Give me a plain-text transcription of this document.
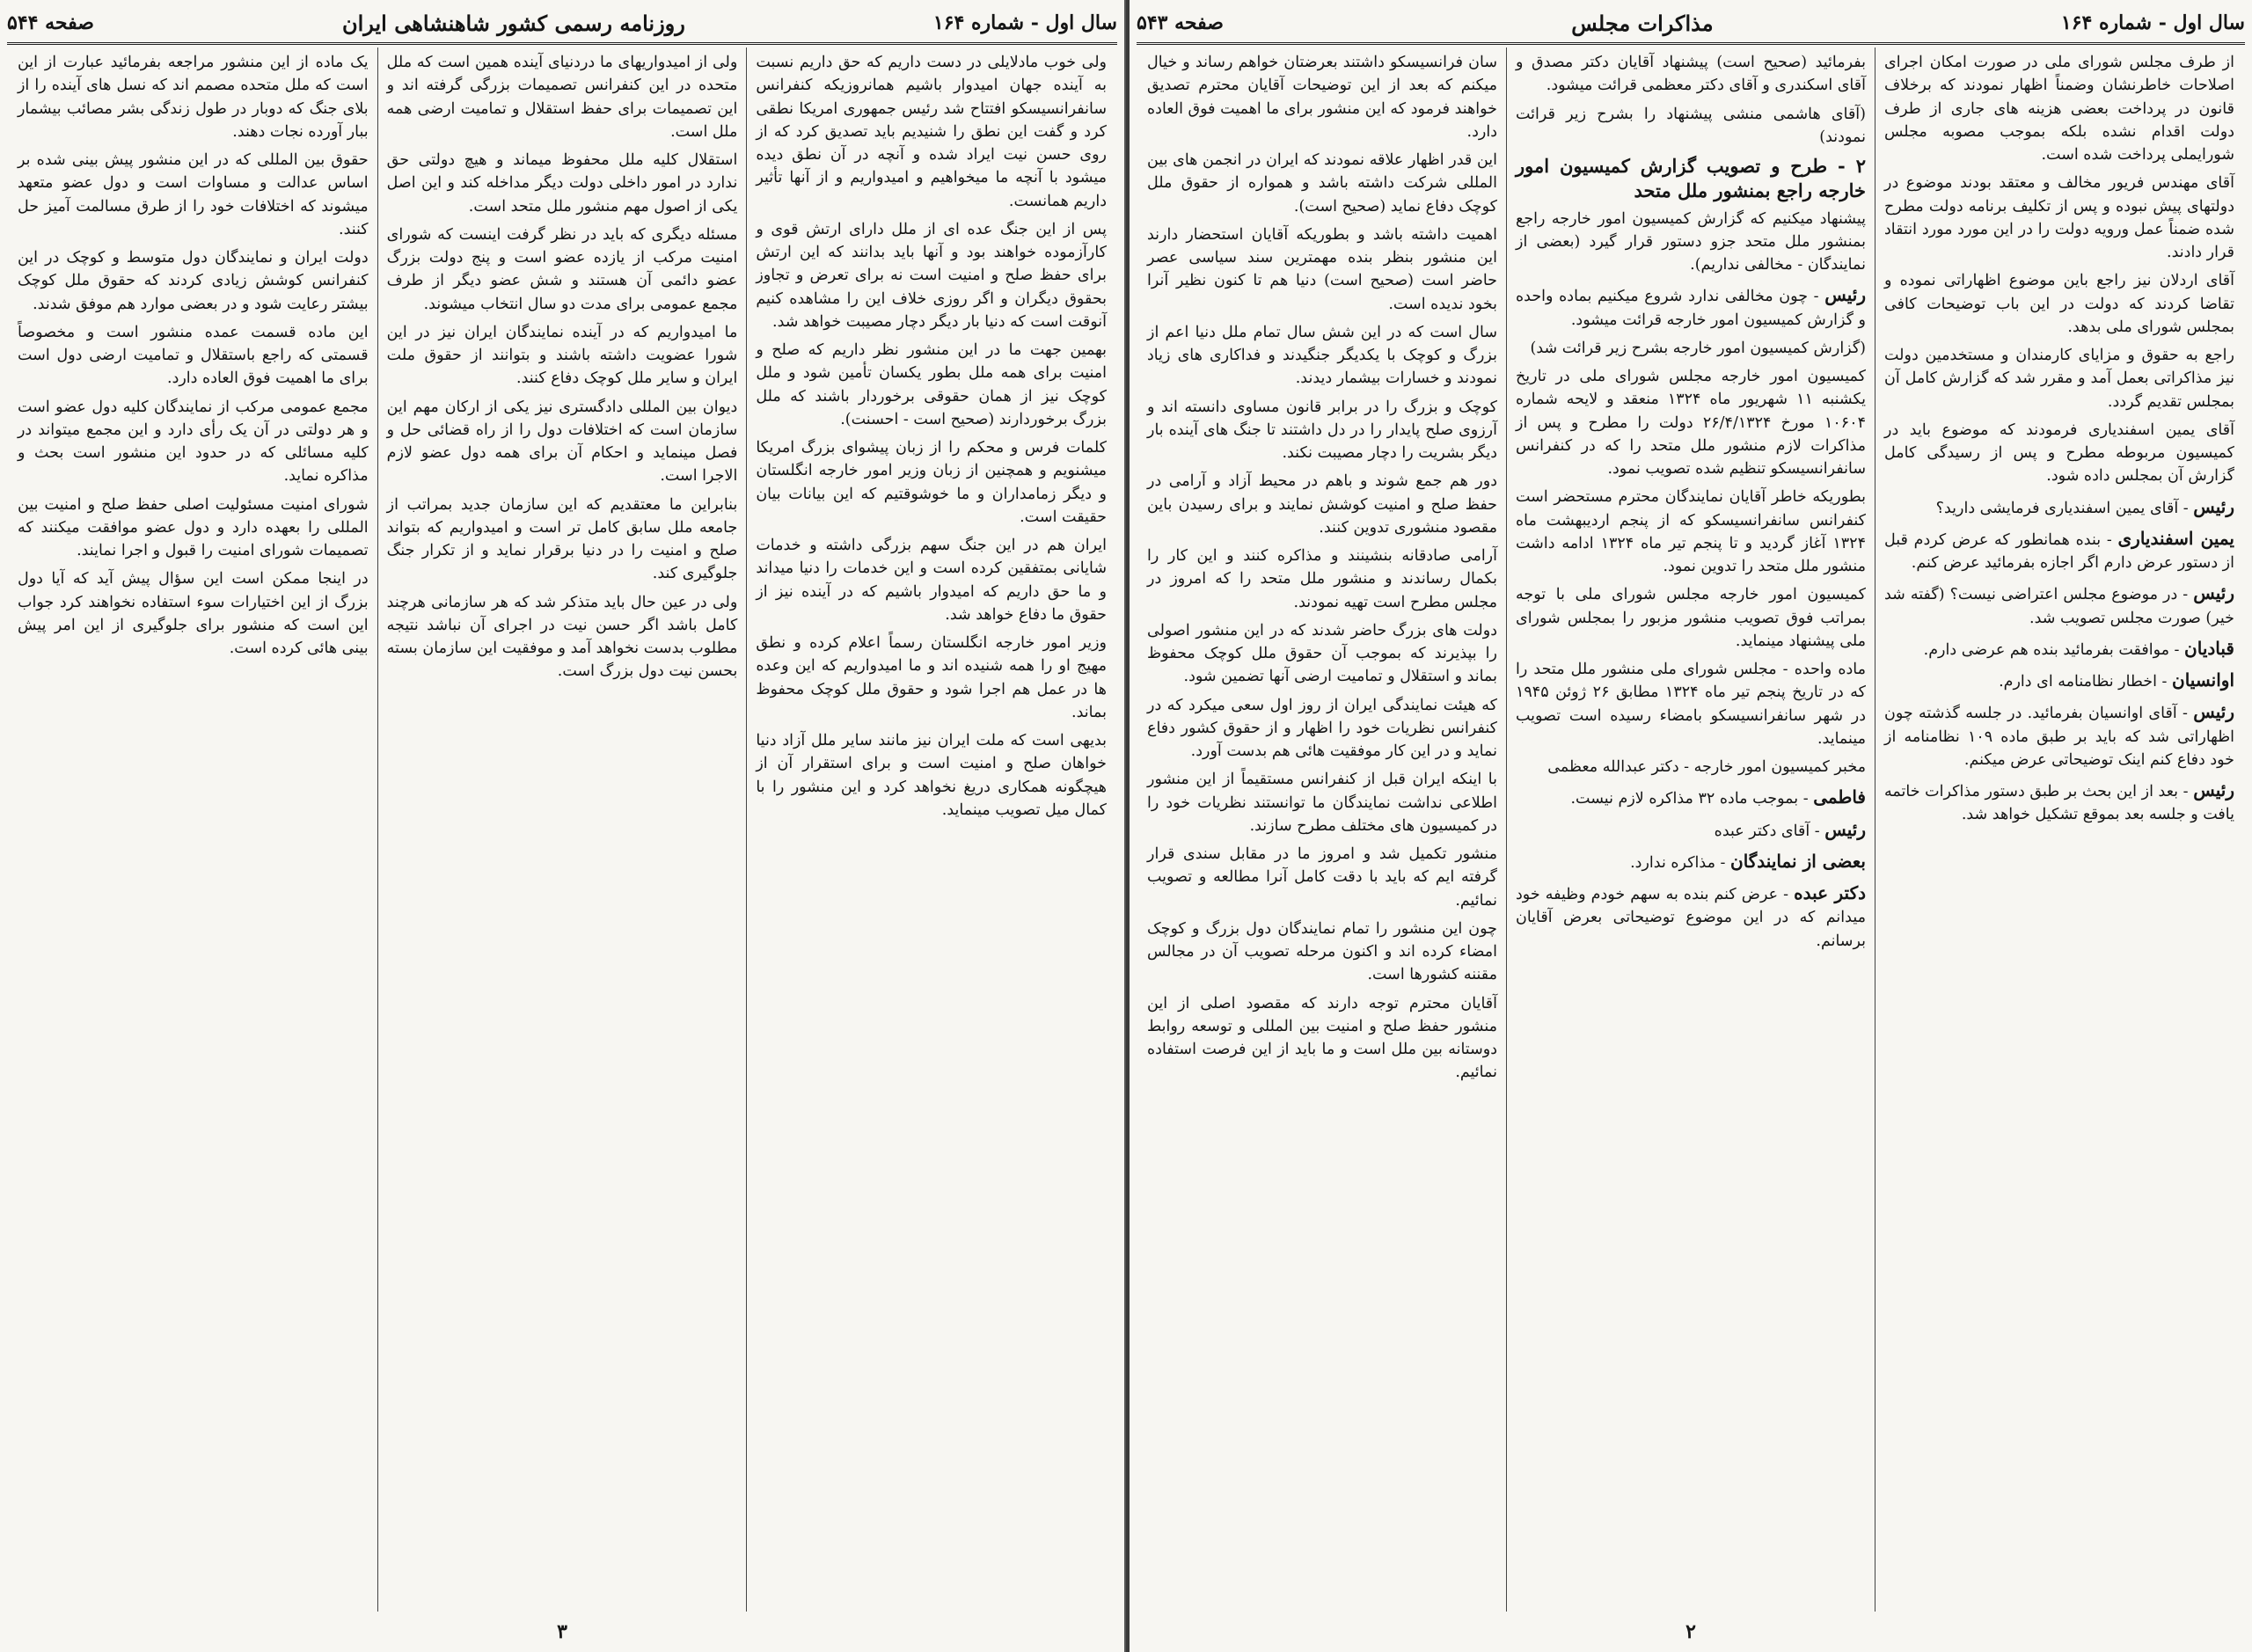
سال اول - شماره ۱۶۴
روزنامه رسمی کشور شاهنشاهی ایران
صفحه ۵۴۴

ولی خوب مادلایلی در دست داریم که حق داریم نسبت به آینده جهان امیدوار باشیم همانروزیکه کنفرانس سانفرانسیسکو افتتاح شد رئیس جمهوری امریکا نطقی کرد و گفت این نطق را شنیدیم باید تصدیق کرد که از روی حسن نیت ایراد شده و آنچه در آن نطق دیده میشود با آنچه ما میخواهیم و امیدواریم و از آنها تأثیر داریم همانست.

پس از این جنگ عده ای از ملل دارای ارتش قوی و کارآزموده خواهند بود و آنها باید بدانند که این ارتش برای حفظ صلح و امنیت است نه برای تعرض و تجاوز بحقوق دیگران و اگر روزی خلاف این را مشاهده کنیم آنوقت است که دنیا بار دیگر دچار مصیبت خواهد شد.

بهمین جهت ما در این منشور نظر داریم که صلح و امنیت برای همه ملل بطور یکسان تأمین شود و ملل کوچک نیز از همان حقوقی برخوردار باشند که ملل بزرگ برخوردارند (صحیح است - احسنت).

کلمات فرس و محکم را از زبان پیشوای بزرگ امریکا میشنویم و همچنین از زبان وزیر امور خارجه انگلستان و دیگر زمامداران و ما خوشوقتیم که این بیانات بیان حقیقت است.

ایران هم در این جنگ سهم بزرگی داشته و خدمات شایانی بمتفقین کرده است و این خدمات را دنیا میداند و ما حق داریم که امیدوار باشیم که در آینده نیز از حقوق ما دفاع خواهد شد.

وزیر امور خارجه انگلستان رسماً اعلام کرده و نطق مهیج او را همه شنیده اند و ما امیدواریم که این وعده ها در عمل هم اجرا شود و حقوق ملل کوچک محفوظ بماند.

بدیهی است که ملت ایران نیز مانند سایر ملل آزاد دنیا خواهان صلح و امنیت است و برای استقرار آن از هیچگونه همکاری دریغ نخواهد کرد و این منشور را با کمال میل تصویب مینماید.

ولی از امیدواریهای ما دردنیای آینده همین است که ملل متحده در این کنفرانس تصمیمات بزرگی گرفته اند و این تصمیمات برای حفظ استقلال و تمامیت ارضی همه ملل است.

استقلال کلیه ملل محفوظ میماند و هیچ دولتی حق ندارد در امور داخلی دولت دیگر مداخله کند و این اصل یکی از اصول مهم منشور ملل متحد است.

مسئله دیگری که باید در نظر گرفت اینست که شورای امنیت مرکب از یازده عضو است و پنج دولت بزرگ عضو دائمی آن هستند و شش عضو دیگر از طرف مجمع عمومی برای مدت دو سال انتخاب میشوند.

ما امیدواریم که در آینده نمایندگان ایران نیز در این شورا عضویت داشته باشند و بتوانند از حقوق ملت ایران و سایر ملل کوچک دفاع کنند.

دیوان بین المللی دادگستری نیز یکی از ارکان مهم این سازمان است که اختلافات دول را از راه قضائی حل و فصل مینماید و احکام آن برای همه دول عضو لازم الاجرا است.

بنابراین ما معتقدیم که این سازمان جدید بمراتب از جامعه ملل سابق کامل تر است و امیدواریم که بتواند صلح و امنیت را در دنیا برقرار نماید و از تکرار جنگ جلوگیری کند.

ولی در عین حال باید متذکر شد که هر سازمانی هرچند کامل باشد اگر حسن نیت در اجرای آن نباشد نتیجه مطلوب بدست نخواهد آمد و موفقیت این سازمان بسته بحسن نیت دول بزرگ است.

یک ماده از این منشور مراجعه بفرمائید عبارت از این است که ملل متحده مصمم اند که نسل های آینده را از بلای جنگ که دوبار در طول زندگی بشر مصائب بیشمار ببار آورده نجات دهند.

حقوق بین المللی که در این منشور پیش بینی شده بر اساس عدالت و مساوات است و دول عضو متعهد میشوند که اختلافات خود را از طرق مسالمت آمیز حل کنند.

دولت ایران و نمایندگان دول متوسط و کوچک در این کنفرانس کوشش زیادی کردند که حقوق ملل کوچک بیشتر رعایت شود و در بعضی موارد هم موفق شدند.

این ماده قسمت عمده منشور است و مخصوصاً قسمتی که راجع باستقلال و تمامیت ارضی دول است برای ما اهمیت فوق العاده دارد.

مجمع عمومی مرکب از نمایندگان کلیه دول عضو است و هر دولتی در آن یک رأی دارد و این مجمع میتواند در کلیه مسائلی که در حدود این منشور است بحث و مذاکره نماید.

شورای امنیت مسئولیت اصلی حفظ صلح و امنیت بین المللی را بعهده دارد و دول عضو موافقت میکنند که تصمیمات شورای امنیت را قبول و اجرا نمایند.

در اینجا ممکن است این سؤال پیش آید که آیا دول بزرگ از این اختیارات سوء استفاده نخواهند کرد جواب این است که منشور برای جلوگیری از این امر پیش بینی هائی کرده است.

۳
سال اول - شماره ۱۶۴
مذاکرات مجلس
صفحه ۵۴۳

از طرف مجلس شورای ملی در صورت امکان اجرای اصلاحات خاطرنشان وضمناً اظهار نمودند که برخلاف قانون در پرداخت بعضی هزینه های جاری از طرف دولت اقدام نشده بلکه بموجب مصوبه مجلس شورایملی پرداخت شده است.

آقای مهندس فریور مخالف و معتقد بودند موضوع در دولتهای پیش نبوده و پس از تکلیف برنامه دولت مطرح شده ضمناً عمل ورویه دولت را در این مورد مورد انتقاد قرار دادند.

آقای اردلان نیز راجع باین موضوع اظهاراتی نموده و تقاضا کردند که دولت در این باب توضیحات کافی بمجلس شورای ملی بدهد.

راجع به حقوق و مزایای کارمندان و مستخدمین دولت نیز مذاکراتی بعمل آمد و مقرر شد که گزارش کامل آن بمجلس تقدیم گردد.

آقای یمین اسفندیاری فرمودند که موضوع باید در کمیسیون مربوطه مطرح و پس از رسیدگی کامل گزارش آن بمجلس داده شود.

رئیس - آقای یمین اسفندیاری فرمایشی دارید؟

یمین اسفندیاری - بنده همانطور که عرض کردم قبل از دستور عرض دارم اگر اجازه بفرمائید عرض کنم.

رئیس - در موضوع مجلس اعتراضی نیست؟ (گفته شد خیر) صورت مجلس تصویب شد.

قبادیان - موافقت بفرمائید بنده هم عرضی دارم.

اوانسیان - اخطار نظامنامه ای دارم.

رئیس - آقای اوانسیان بفرمائید. در جلسه گذشته چون اظهاراتی شد که باید بر طبق ماده ۱۰۹ نظامنامه از خود دفاع کنم اینک توضیحاتی عرض میکنم.

رئیس - بعد از این بحث بر طبق دستور مذاکرات خاتمه یافت و جلسه بعد بموقع تشکیل خواهد شد.

بفرمائید (صحیح است) پیشنهاد آقایان دکتر مصدق و آقای اسکندری و آقای دکتر معظمی قرائت میشود.

(آقای هاشمی منشی پیشنهاد را بشرح زیر قرائت نمودند)

۲ - طرح و تصویب گزارش کمیسیون امور خارجه راجع بمنشور ملل متحد

پیشنهاد میکنیم که گزارش کمیسیون امور خارجه راجع بمنشور ملل متحد جزو دستور قرار گیرد (بعضی از نمایندگان - مخالفی نداریم).

رئیس - چون مخالفی ندارد شروع میکنیم بماده واحده و گزارش کمیسیون امور خارجه قرائت میشود.

(گزارش کمیسیون امور خارجه بشرح زیر قرائت شد)

کمیسیون امور خارجه مجلس شورای ملی در تاریخ یکشنبه ۱۱ شهریور ماه ۱۳۲۴ منعقد و لایحه شماره ۱۰۶۰۴ مورخ ۲۶/۴/۱۳۲۴ دولت را مطرح و پس از مذاکرات لازم منشور ملل متحد را که در کنفرانس سانفرانسیسکو تنظیم شده تصویب نمود.

بطوریکه خاطر آقایان نمایندگان محترم مستحضر است کنفرانس سانفرانسیسکو که از پنجم اردیبهشت ماه ۱۳۲۴ آغاز گردید و تا پنجم تیر ماه ۱۳۲۴ ادامه داشت منشور ملل متحد را تدوین نمود.

کمیسیون امور خارجه مجلس شورای ملی با توجه بمراتب فوق تصویب منشور مزبور را بمجلس شورای ملی پیشنهاد مینماید.

ماده واحده - مجلس شورای ملی منشور ملل متحد را که در تاریخ پنجم تیر ماه ۱۳۲۴ مطابق ۲۶ ژوئن ۱۹۴۵ در شهر سانفرانسیسکو بامضاء رسیده است تصویب مینماید.

مخبر کمیسیون امور خارجه - دکتر عبدالله معظمی

فاطمی - بموجب ماده ۳۲ مذاکره لازم نیست.

رئیس - آقای دکتر عبده

بعضی از نمایندگان - مذاکره ندارد.

دکتر عبده - عرض کنم بنده به سهم خودم وظیفه خود میدانم که در این موضوع توضیحاتی بعرض آقایان برسانم.

سان فرانسیسکو داشتند بعرضتان خواهم رساند و خیال میکنم که بعد از این توضیحات آقایان محترم تصدیق خواهند فرمود که این منشور برای ما اهمیت فوق العاده دارد.

این قدر اظهار علاقه نمودند که ایران در انجمن های بین المللی شرکت داشته باشد و همواره از حقوق ملل کوچک دفاع نماید (صحیح است).

اهمیت داشته باشد و بطوریکه آقایان استحضار دارند این منشور بنظر بنده مهمترین سند سیاسی عصر حاضر است (صحیح است) دنیا هم تا کنون نظیر آنرا بخود ندیده است.

سال است که در این شش سال تمام ملل دنیا اعم از بزرگ و کوچک با یکدیگر جنگیدند و فداکاری های زیاد نمودند و خسارات بیشمار دیدند.

کوچک و بزرگ را در برابر قانون مساوی دانسته اند و آرزوی صلح پایدار را در دل داشتند تا جنگ های آینده بار دیگر بشریت را دچار مصیبت نکند.

دور هم جمع شوند و باهم در محیط آزاد و آرامی در حفظ صلح و امنیت کوشش نمایند و برای رسیدن باین مقصود منشوری تدوین کنند.

آرامی صادقانه بنشینند و مذاکره کنند و این کار را بکمال رساندند و منشور ملل متحد را که امروز در مجلس مطرح است تهیه نمودند.

دولت های بزرگ حاضر شدند که در این منشور اصولی را بپذیرند که بموجب آن حقوق ملل کوچک محفوظ بماند و استقلال و تمامیت ارضی آنها تضمین شود.

که هیئت نمایندگی ایران از روز اول سعی میکرد که در کنفرانس نظریات خود را اظهار و از حقوق کشور دفاع نماید و در این کار موفقیت هائی هم بدست آورد.

با اینکه ایران قبل از کنفرانس مستقیماً از این منشور اطلاعی نداشت نمایندگان ما توانستند نظریات خود را در کمیسیون های مختلف مطرح سازند.

منشور تکمیل شد و امروز ما در مقابل سندی قرار گرفته ایم که باید با دقت کامل آنرا مطالعه و تصویب نمائیم.

چون این منشور را تمام نمایندگان دول بزرگ و کوچک امضاء کرده اند و اکنون مرحله تصویب آن در مجالس مقننه کشورها است.

آقایان محترم توجه دارند که مقصود اصلی از این منشور حفظ صلح و امنیت بین المللی و توسعه روابط دوستانه بین ملل است و ما باید از این فرصت استفاده نمائیم.

۲
